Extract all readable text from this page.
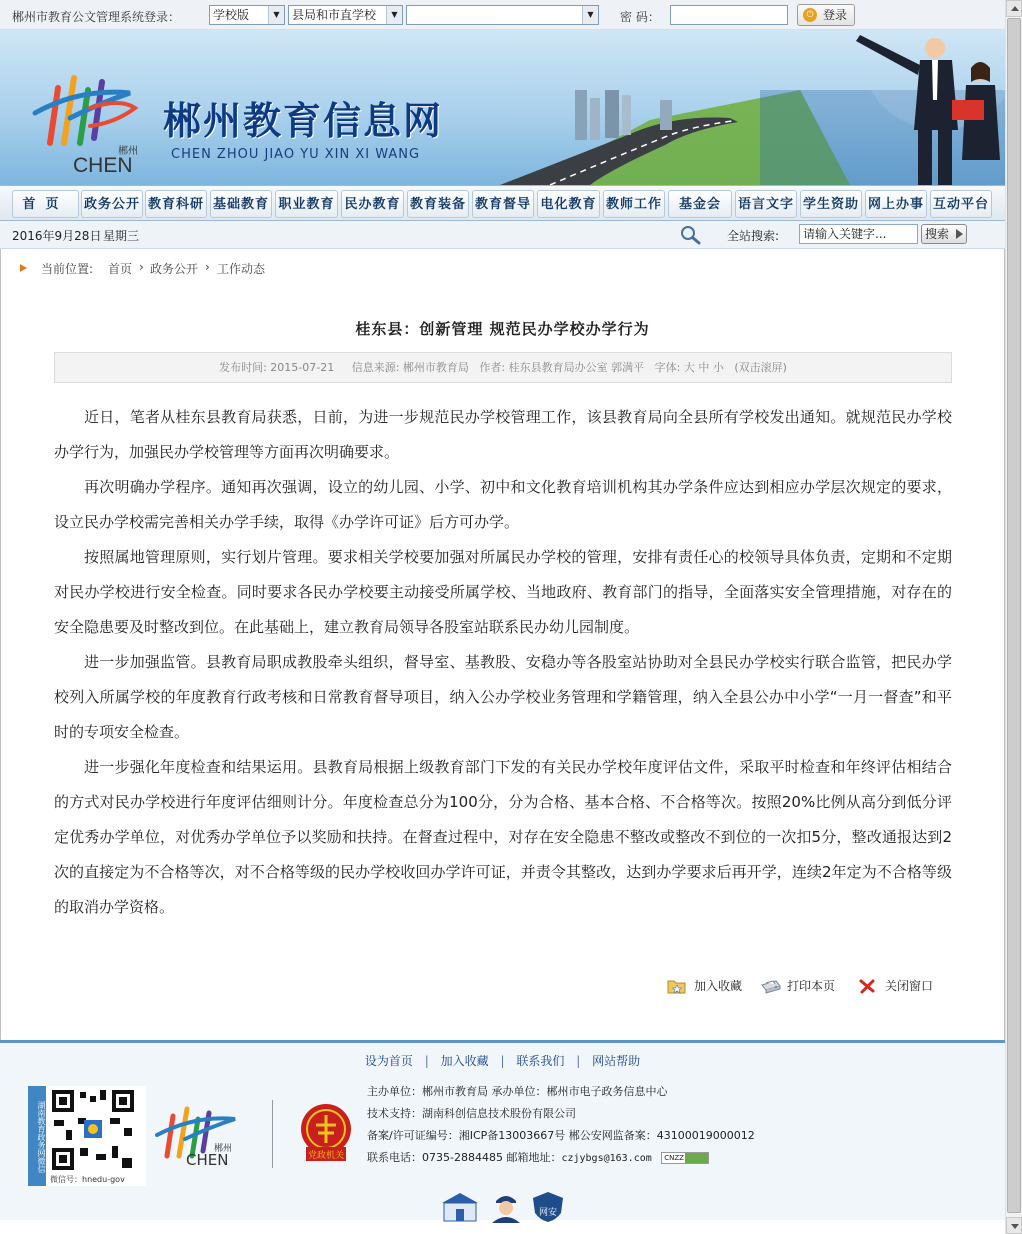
郴州市教育公文管理系统登录：	学校版	▼	县局和市直学校	▼	▼	密 码：	⏻ 登录
郴州
CHEN
郴州教育信息网
CHEN ZHOU JIAO YU XIN XI WANG
首页	政务公开 教育科研 基础教育 职业教育 民办教育 教育装备 教育督导 电化教育 教师工作	基金会	语言文字 学生资助 网上办事 互动平台
2016年9月28日 星期三	全站搜索:	请输入关键字...	搜索
当前位置: 首页 › 政务公开 › 工作动态
桂东县：创新管理 规范民办学校办学行为
发布时间: 2015-07-21 信息来源: 郴州市教育局 作者: 桂东县教育局办公室 郭满平 字体: 大 中 小 (双击滚屏)

近日，笔者从桂东县教育局获悉，日前，为进一步规范民办学校管理工作，该县教育局向全县所有学校发出通知。就规范民办学校办学行为，加强民办学校管理等方面再次明确要求。

再次明确办学程序。通知再次强调，设立的幼儿园、小学、初中和文化教育培训机构其办学条件应达到相应办学层次规定的要求，设立民办学校需完善相关办学手续，取得《办学许可证》后方可办学。

按照属地管理原则，实行划片管理。要求相关学校要加强对所属民办学校的管理，安排有责任心的校领导具体负责，定期和不定期对民办学校进行安全检查。同时要求各民办学校要主动接受所属学校、当地政府、教育部门的指导，全面落实安全管理措施，对存在的安全隐患要及时整改到位。在此基础上，建立教育局领导各股室站联系民办幼儿园制度。

进一步加强监管。县教育局职成教股牵头组织，督导室、基教股、安稳办等各股室站协助对全县民办学校实行联合监管，把民办学校列入所属学校的年度教育行政考核和日常教育督导项目，纳入公办学校业务管理和学籍管理，纳入全县公办中小学“一月一督查”和平时的专项安全检查。

进一步强化年度检查和结果运用。县教育局根据上级教育部门下发的有关民办学校年度评估文件，采取平时检查和年终评估相结合的方式对民办学校进行年度评估细则计分。年度检查总分为100分，分为合格、基本合格、不合格等次。按照20%比例从高分到低分评定优秀办学单位，对优秀办学单位予以奖励和扶持。在督查过程中，对存在安全隐患不整改或整改不到位的一次扣5分，整改通报达到2次的直接定为不合格等次，对不合格等级的民办学校收回办学许可证，并责令其整改，达到办学要求后再开学，连续2年定为不合格等级的取消办学资格。

加入收藏	打印本页	关闭窗口
设为首页 | 加入收藏 | 联系我们 | 网站帮助
湖南教育政务网微信
微信号：hnedu-gov
郴州
CHEN	党政机关
主办单位：郴州市教育局 承办单位：郴州市电子政务信息中心
技术支持：湖南科创信息技术股份有限公司
备案/许可证编号：湘ICP备13003667号 郴公安网监备案：43100019000012
联系电话：0735-2884485 邮箱地址：czjybgs@163.com CNZZ
网安
